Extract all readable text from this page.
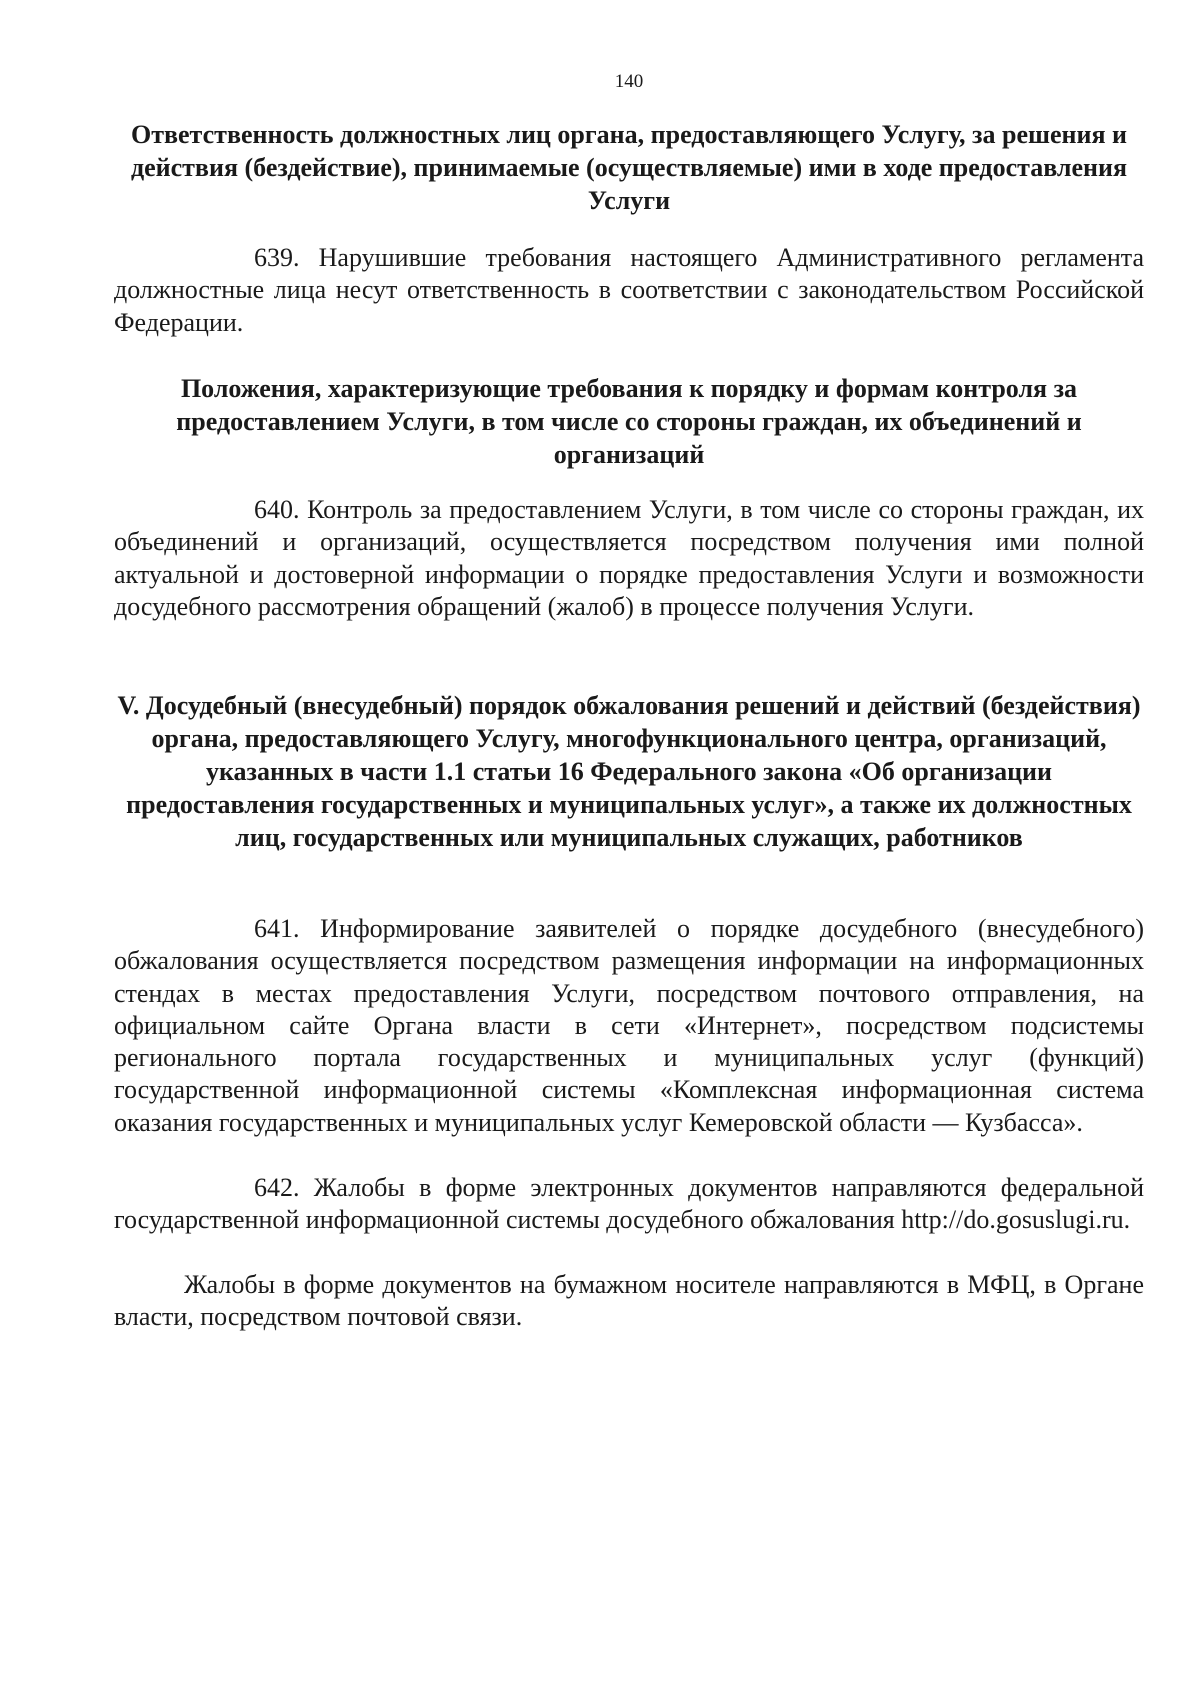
140

Ответственность должностных лиц органа, предоставляющего Услугу, за решения и действия (бездействие), принимаемые (осуществляемые) ими в ходе предоставления Услуги

639. Нарушившие требования настоящего Административного регламента должностные лица несут ответственность в соответствии с законодательством Российской Федерации.

Положения, характеризующие требования к порядку и формам контроля за предоставлением Услуги, в том числе со стороны граждан, их объединений и организаций

640. Контроль за предоставлением Услуги, в том числе со стороны граждан, их объединений и организаций, осуществляется посредством получения ими полной актуальной и достоверной информации о порядке предоставления Услуги и возможности досудебного рассмотрения обращений (жалоб) в процессе получения Услуги.

V. Досудебный (внесудебный) порядок обжалования решений и действий (бездействия) органа, предоставляющего Услугу, многофункционального центра, организаций, указанных в части 1.1 статьи 16 Федерального закона «Об организации предоставления государственных и муниципальных услуг», а также их должностных лиц, государственных или муниципальных служащих, работников

641. Информирование заявителей о порядке досудебного (внесудебного) обжалования осуществляется посредством размещения информации на информационных стендах в местах предоставления Услуги, посредством почтового отправления, на официальном сайте Органа власти в сети «Интернет», посредством подсистемы регионального портала государственных и муниципальных услуг (функций) государственной информационной системы «Комплексная информационная система оказания государственных и муниципальных услуг Кемеровской области — Кузбасса».

642. Жалобы в форме электронных документов направляются федеральной государственной информационной системы досудебного обжалования http://do.gosuslugi.ru.

Жалобы в форме документов на бумажном носителе направляются в МФЦ, в Органе власти, посредством почтовой связи.
